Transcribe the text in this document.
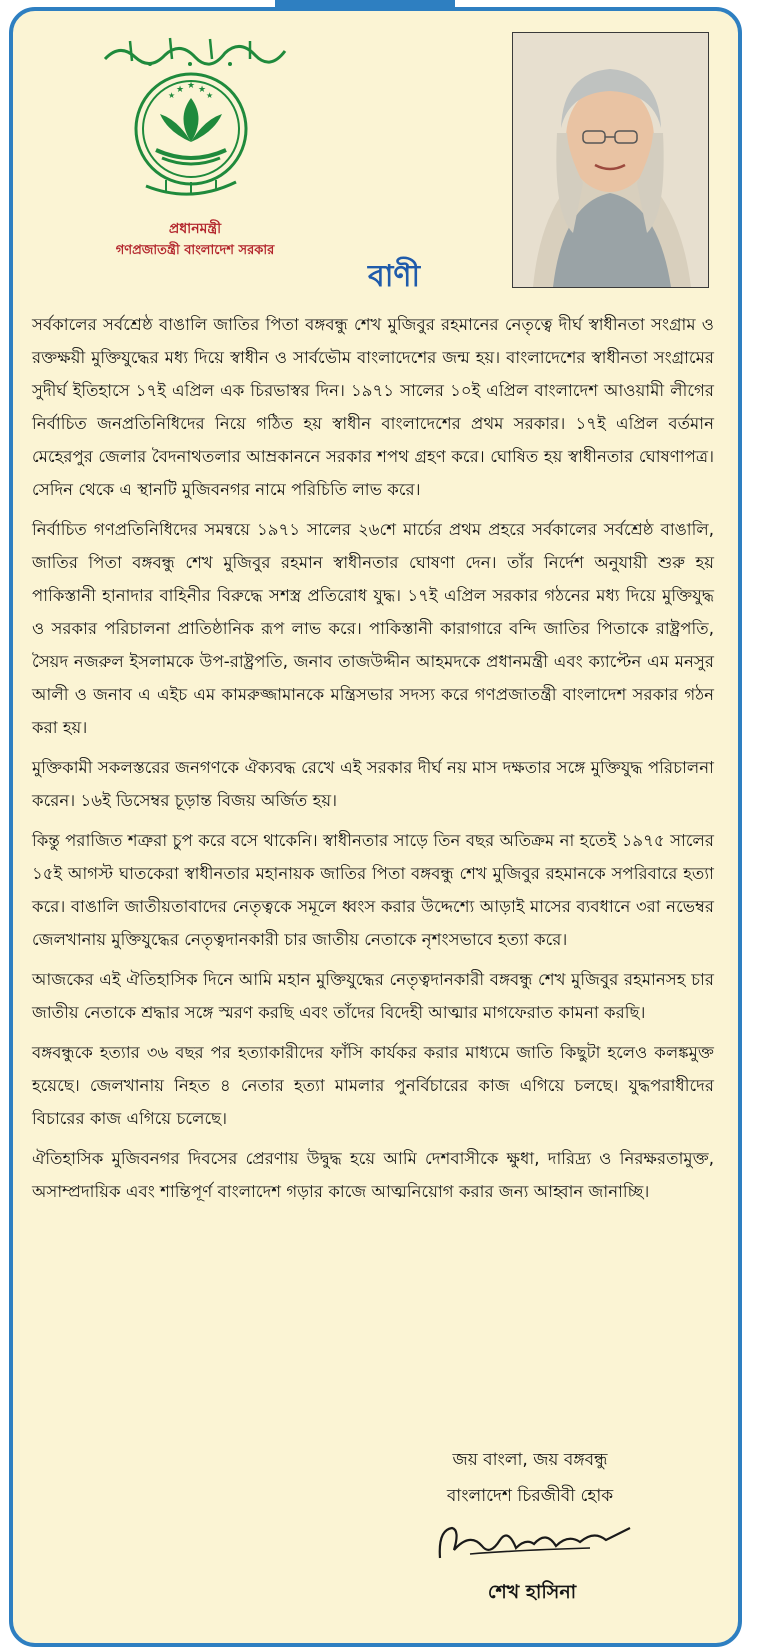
★ ★ ★
★	★
প্রধানমন্ত্রী
গণপ্রজাতন্ত্রী বাংলাদেশ সরকার
বাণী

সর্বকালের সর্বশ্রেষ্ঠ বাঙালি জাতির পিতা বঙ্গবন্ধু শেখ মুজিবুর রহমানের নেতৃত্বে দীর্ঘ স্বাধীনতা সংগ্রাম ও রক্তক্ষয়ী মুক্তিযুদ্ধের মধ্য দিয়ে স্বাধীন ও সার্বভৌম বাংলাদেশের জন্ম হয়। বাংলাদেশের স্বাধীনতা সংগ্রামের সুদীর্ঘ ইতিহাসে ১৭ই এপ্রিল এক চিরভাস্বর দিন। ১৯৭১ সালের ১০ই এপ্রিল বাংলাদেশ আওয়ামী লীগের নির্বাচিত জনপ্রতিনিধিদের নিয়ে গঠিত হয় স্বাধীন বাংলাদেশের প্রথম সরকার। ১৭ই এপ্রিল বর্তমান মেহেরপুর জেলার বৈদনাথতলার আম্রকাননে সরকার শপথ গ্রহণ করে। ঘোষিত হয় স্বাধীনতার ঘোষণাপত্র। সেদিন থেকে এ স্থানটি মুজিবনগর নামে পরিচিতি লাভ করে।

নির্বাচিত গণপ্রতিনিধিদের সমন্বয়ে ১৯৭১ সালের ২৬শে মার্চের প্রথম প্রহরে সর্বকালের সর্বশ্রেষ্ঠ বাঙালি, জাতির পিতা বঙ্গবন্ধু শেখ মুজিবুর রহমান স্বাধীনতার ঘোষণা দেন। তাঁর নির্দেশ অনুযায়ী শুরু হয় পাকিস্তানী হানাদার বাহিনীর বিরুদ্ধে সশস্ত্র প্রতিরোধ যুদ্ধ। ১৭ই এপ্রিল সরকার গঠনের মধ্য দিয়ে মুক্তিযুদ্ধ ও সরকার পরিচালনা প্রাতিষ্ঠানিক রূপ লাভ করে। পাকিস্তানী কারাগারে বন্দি জাতির পিতাকে রাষ্ট্রপতি, সৈয়দ নজরুল ইসলামকে উপ-রাষ্ট্রপতি, জনাব তাজউদ্দীন আহমদকে প্রধানমন্ত্রী এবং ক্যাপ্টেন এম মনসুর আলী ও জনাব এ এইচ এম কামরুজ্জামানকে মন্ত্রিসভার সদস্য করে গণপ্রজাতন্ত্রী বাংলাদেশ সরকার গঠন করা হয়।

মুক্তিকামী সকলস্তরের জনগণকে ঐক্যবদ্ধ রেখে এই সরকার দীর্ঘ নয় মাস দক্ষতার সঙ্গে মুক্তিযুদ্ধ পরিচালনা করেন। ১৬ই ডিসেম্বর চূড়ান্ত বিজয় অর্জিত হয়।

কিন্তু পরাজিত শত্রুরা চুপ করে বসে থাকেনি। স্বাধীনতার সাড়ে তিন বছর অতিক্রম না হতেই ১৯৭৫ সালের ১৫ই আগস্ট ঘাতকেরা স্বাধীনতার মহানায়ক জাতির পিতা বঙ্গবন্ধু শেখ মুজিবুর রহমানকে সপরিবারে হত্যা করে। বাঙালি জাতীয়তাবাদের নেতৃত্বকে সমূলে ধ্বংস করার উদ্দেশ্যে আড়াই মাসের ব্যবধানে ৩রা নভেম্বর জেলখানায় মুক্তিযুদ্ধের নেতৃত্বদানকারী চার জাতীয় নেতাকে নৃশংসভাবে হত্যা করে।

আজকের এই ঐতিহাসিক দিনে আমি মহান মুক্তিযুদ্ধের নেতৃত্বদানকারী বঙ্গবন্ধু শেখ মুজিবুর রহমানসহ চার জাতীয় নেতাকে শ্রদ্ধার সঙ্গে স্মরণ করছি এবং তাঁদের বিদেহী আত্মার মাগফেরাত কামনা করছি।

বঙ্গবন্ধুকে হত্যার ৩৬ বছর পর হত্যাকারীদের ফাঁসি কার্যকর করার মাধ্যমে জাতি কিছুটা হলেও কলঙ্কমুক্ত হয়েছে। জেলখানায় নিহত ৪ নেতার হত্যা মামলার পুনর্বিচারের কাজ এগিয়ে চলছে। যুদ্ধপরাধীদের বিচারের কাজ এগিয়ে চলেছে।

ঐতিহাসিক মুজিবনগর দিবসের প্রেরণায় উদ্বুদ্ধ হয়ে আমি দেশবাসীকে ক্ষুধা, দারিদ্র্য ও নিরক্ষরতামুক্ত, অসাম্প্রদায়িক এবং শান্তিপূর্ণ বাংলাদেশ গড়ার কাজে আত্মনিয়োগ করার জন্য আহ্বান জানাচ্ছি।

জয় বাংলা, জয় বঙ্গবন্ধু
বাংলাদেশ চিরজীবী হোক
শেখ হাসিনা
